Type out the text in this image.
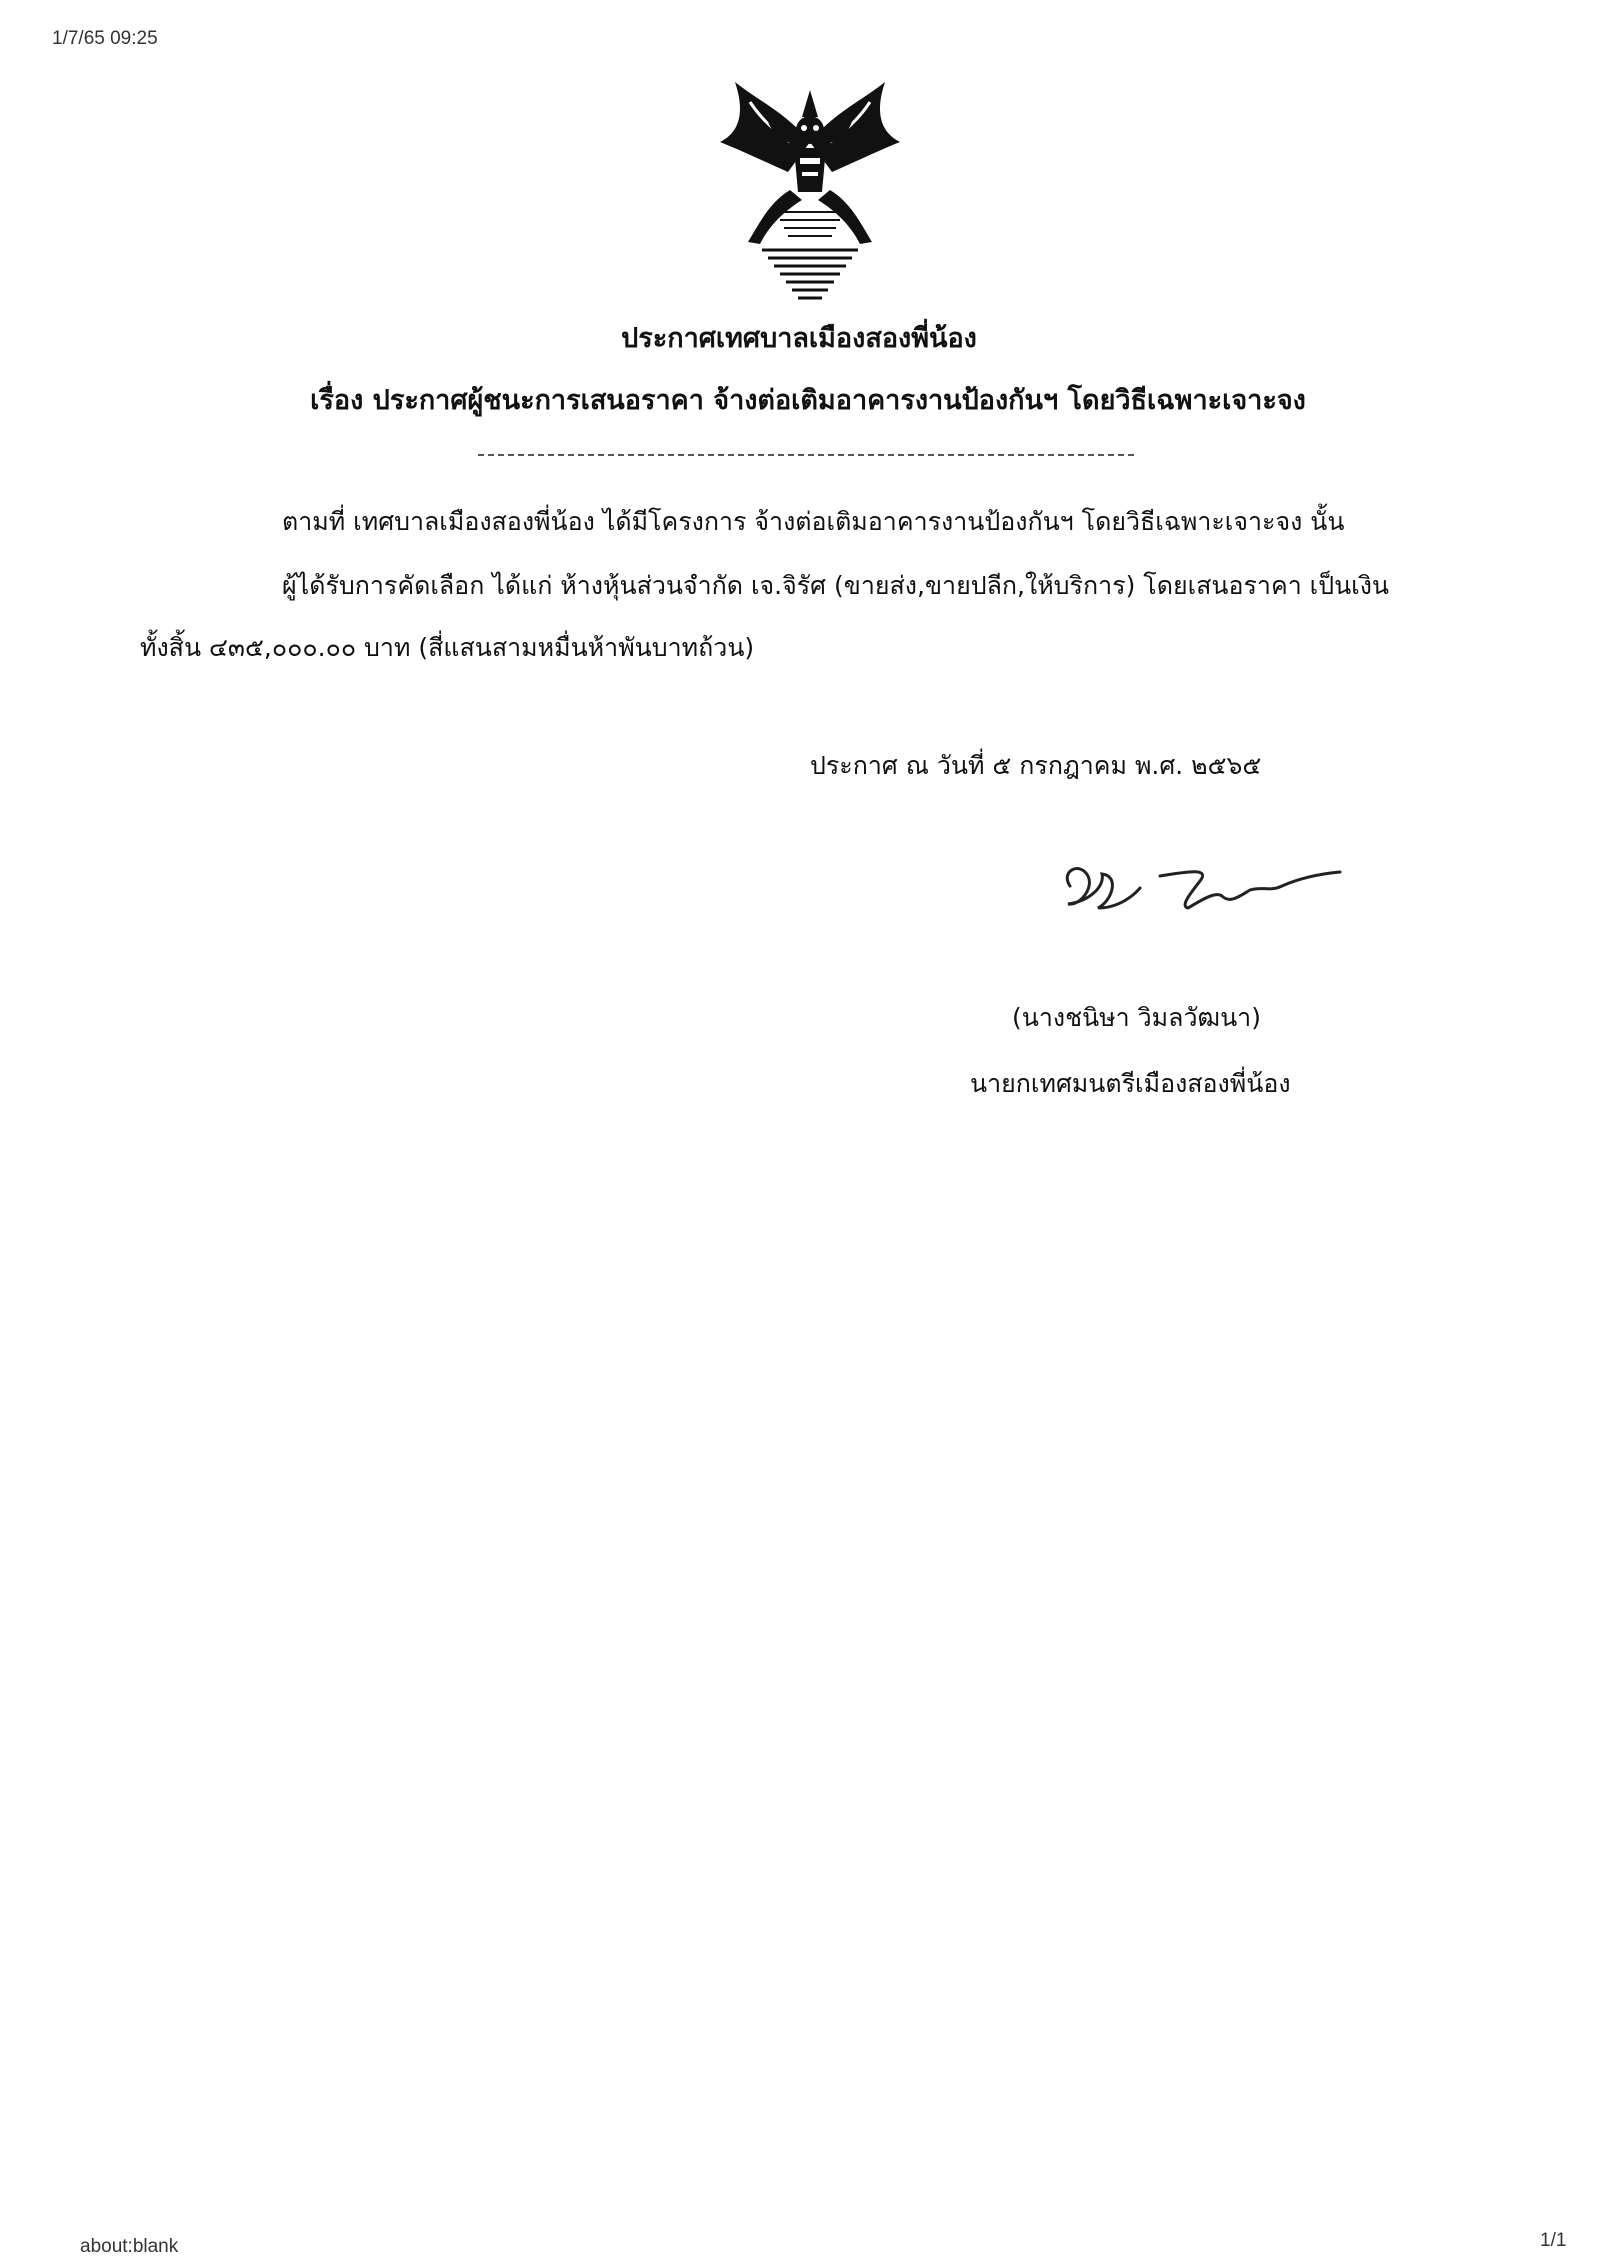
1/7/65 09:25
ประกาศเทศบาลเมืองสองพี่น้อง
เรื่อง ประกาศผู้ชนะการเสนอราคา จ้างต่อเติมอาคารงานป้องกันฯ โดยวิธีเฉพาะเจาะจง
ตามที่ เทศบาลเมืองสองพี่น้อง ได้มีโครงการ จ้างต่อเติมอาคารงานป้องกันฯ โดยวิธีเฉพาะเจาะจง นั้น
ผู้ได้รับการคัดเลือก ได้แก่ ห้างหุ้นส่วนจำกัด เจ.จิรัศ (ขายส่ง,ขายปลีก,ให้บริการ) โดยเสนอราคา เป็นเงิน
ทั้งสิ้น ๔๓๕,๐๐๐.๐๐ บาท (สี่แสนสามหมื่นห้าพันบาทถ้วน)
ประกาศ ณ วันที่ ๕ กรกฎาคม พ.ศ. ๒๕๖๕
(นางชนิษา วิมลวัฒนา)
นายกเทศมนตรีเมืองสองพี่น้อง
about:blank	1/1
